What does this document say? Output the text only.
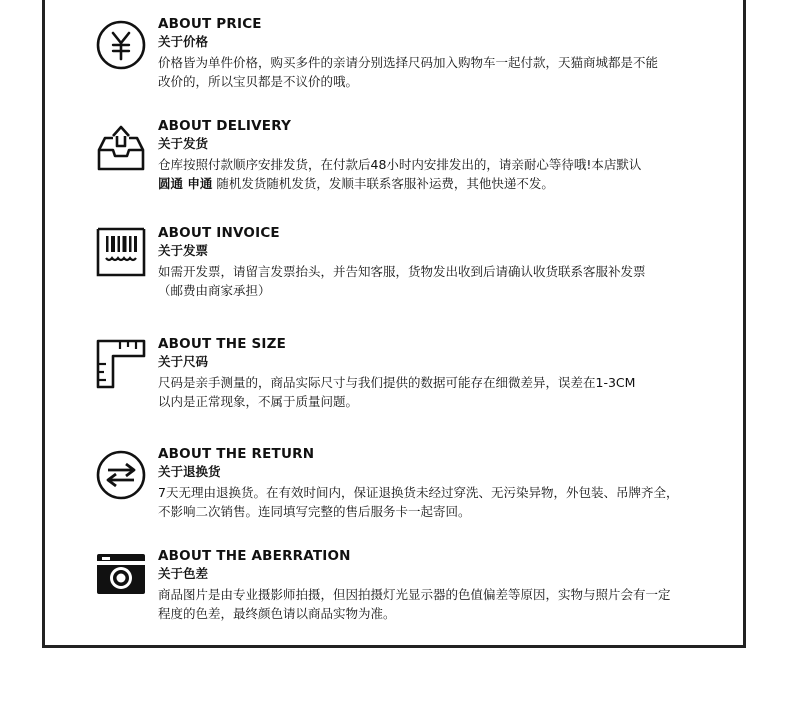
ABOUT PRICE
关于价格
价格皆为单件价格，购买多件的亲请分别选择尺码加入购物车一起付款，天猫商城都是不能
改价的，所以宝贝都是不议价的哦。
ABOUT DELIVERY
关于发货
仓库按照付款顺序安排发货，在付款后48小时内安排发出的，请亲耐心等待哦!本店默认
圆通 申通 随机发货随机发货，发顺丰联系客服补运费，其他快递不发。
ABOUT INVOICE
关于发票
如需开发票，请留言发票抬头，并告知客服，货物发出收到后请确认收货联系客服补发票
（邮费由商家承担）
ABOUT THE SIZE
关于尺码
尺码是亲手测量的，商品实际尺寸与我们提供的数据可能存在细微差异，误差在1-3CM
以内是正常现象，不属于质量问题。
ABOUT THE RETURN
关于退换货
7天无理由退换货。在有效时间内，保证退换货未经过穿洗、无污染异物，外包装、吊牌齐全，
不影响二次销售。连同填写完整的售后服务卡一起寄回。
ABOUT THE ABERRATION
关于色差
商品图片是由专业摄影师拍摄，但因拍摄灯光显示器的色值偏差等原因，实物与照片会有一定
程度的色差，最终颜色请以商品实物为准。
